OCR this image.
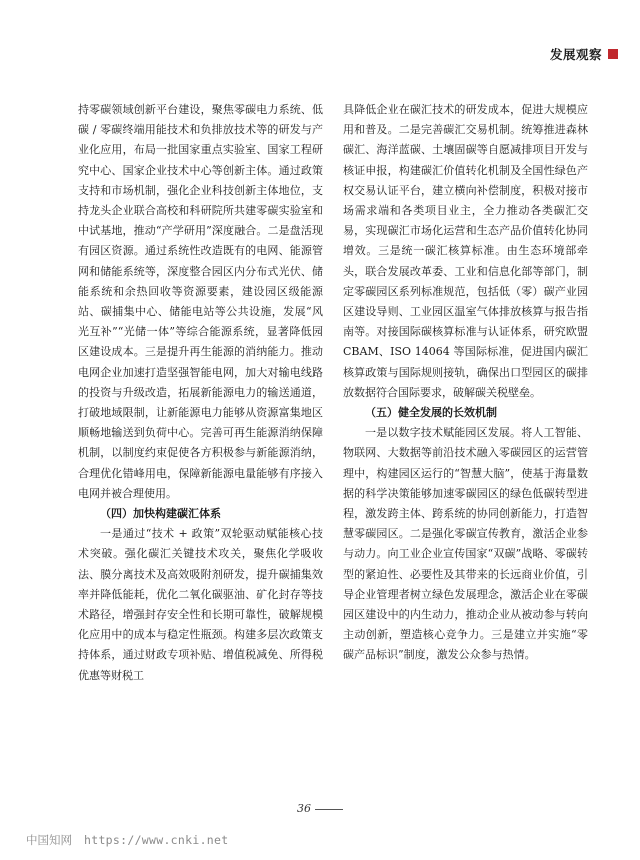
发展观察

持零碳领域创新平台建设，聚焦零碳电力系统、低碳 / 零碳终端用能技术和负排放技术等的研发与产业化应用，布局一批国家重点实验室、国家工程研究中心、国家企业技术中心等创新主体。通过政策支持和市场机制，强化企业科技创新主体地位，支持龙头企业联合高校和科研院所共建零碳实验室和中试基地，推动“产学研用”深度融合。二是盘活现有园区资源。通过系统性改造既有的电网、能源管网和储能系统等，深度整合园区内分布式光伏、储能系统和余热回收等资源要素，建设园区级能源站、碳捕集中心、储能电站等公共设施，发展“风光互补”“光储一体”等综合能源系统，显著降低园区建设成本。三是提升再生能源的消纳能力。推动电网企业加速打造坚强智能电网，加大对输电线路的投资与升级改造，拓展新能源电力的输送通道，打破地域限制，让新能源电力能够从资源富集地区顺畅地输送到负荷中心。完善可再生能源消纳保障机制，以制度约束促使各方积极参与新能源消纳，合理优化错峰用电，保障新能源电量能够有序接入电网并被合理使用。

（四）加快构建碳汇体系

一是通过“技术 + 政策”双轮驱动赋能核心技术突破。强化碳汇关键技术攻关，聚焦化学吸收法、膜分离技术及高效吸附剂研发，提升碳捕集效率并降低能耗，优化二氧化碳驱油、矿化封存等技术路径，增强封存安全性和长期可靠性，破解规模化应用中的成本与稳定性瓶颈。构建多层次政策支持体系，通过财政专项补贴、增值税减免、所得税优惠等财税工

具降低企业在碳汇技术的研发成本，促进大规模应用和普及。二是完善碳汇交易机制。统筹推进森林碳汇、海洋蓝碳、土壤固碳等自愿减排项目开发与核证申报，构建碳汇价值转化机制及全国性绿色产权交易认证平台，建立横向补偿制度，积极对接市场需求端和各类项目业主，全力推动各类碳汇交易，实现碳汇市场化运营和生态产品价值转化协同增效。三是统一碳汇核算标准。由生态环境部牵头，联合发展改革委、工业和信息化部等部门，制定零碳园区系列标准规范，包括低（零）碳产业园区建设导则、工业园区温室气体排放核算与报告指南等。对接国际碳核算标准与认证体系，研究欧盟 CBAM、ISO 14064 等国际标准，促进国内碳汇核算政策与国际规则接轨，确保出口型园区的碳排放数据符合国际要求，破解碳关税壁垒。

（五）健全发展的长效机制

一是以数字技术赋能园区发展。将人工智能、物联网、大数据等前沿技术融入零碳园区的运营管理中，构建园区运行的“智慧大脑”，使基于海量数据的科学决策能够加速零碳园区的绿色低碳转型进程，激发跨主体、跨系统的协同创新能力，打造智慧零碳园区。二是强化零碳宣传教育，激活企业参与动力。向工业企业宣传国家“双碳”战略、零碳转型的紧迫性、必要性及其带来的长远商业价值，引导企业管理者树立绿色发展理念，激活企业在零碳园区建设中的内生动力，推动企业从被动参与转向主动创新，塑造核心竞争力。三是建立并实施“零碳产品标识”制度，激发公众参与热情。

36
中国知网 https://www.cnki.net
